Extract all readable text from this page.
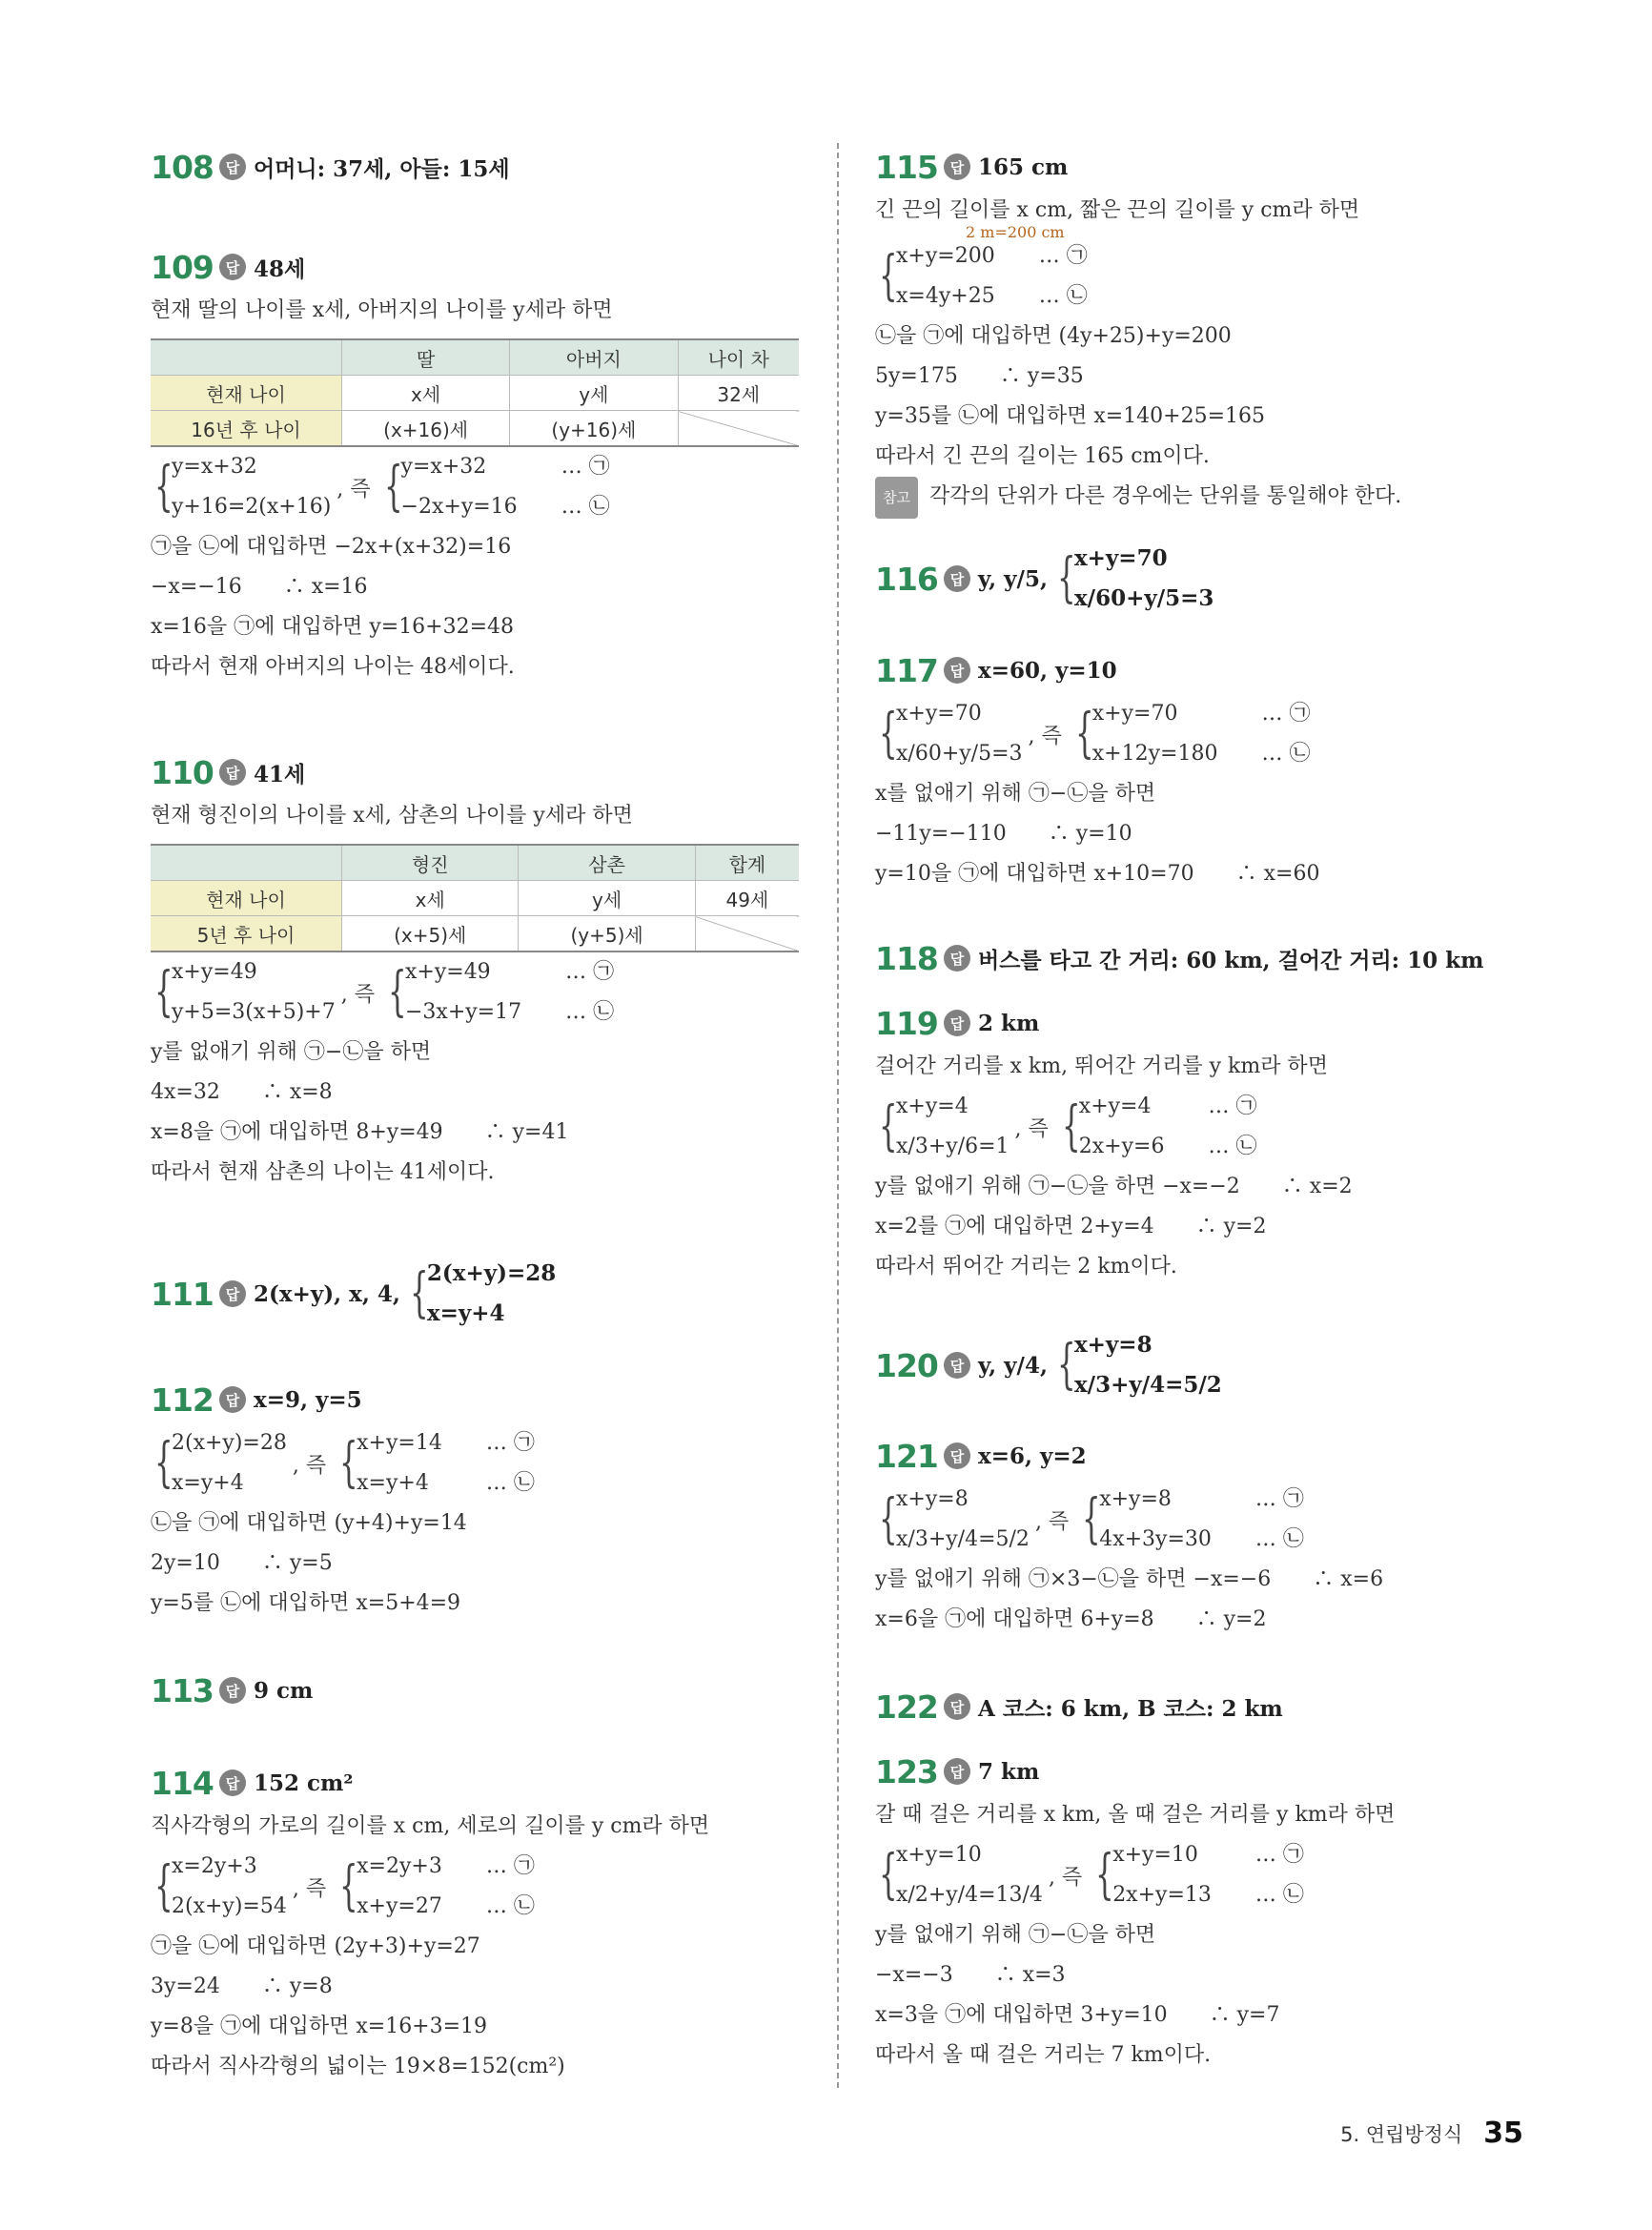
108 답 어머니: 37세, 아들: 15세
109 답 48세
현재 딸의 나이를 x세, 아버지의 나이를 y세라 하면
	딸	아버지	나이 차
현재 나이	x세	y세	32세
16년 후 나이	(x+16)세	(y+16)세	
{
y=x+32
y+16=2(x+16)
, 즉 {
y=x+32
−2x+y=16
… ㉠
… ㉡
㉠을 ㉡에 대입하면 −2x+(x+32)=16
−x=−16　　∴ x=16
x=16을 ㉠에 대입하면 y=16+32=48
따라서 현재 아버지의 나이는 48세이다.
110 답 41세
현재 형진이의 나이를 x세, 삼촌의 나이를 y세라 하면
	형진	삼촌	합계
현재 나이	x세	y세	49세
5년 후 나이	(x+5)세	(y+5)세	
{
x+y=49
y+5=3(x+5)+7
, 즉 {
x+y=49
−3x+y=17
… ㉠
… ㉡
y를 없애기 위해 ㉠−㉡을 하면
4x=32　　∴ x=8
x=8을 ㉠에 대입하면 8+y=49　　∴ y=41
따라서 현재 삼촌의 나이는 41세이다.
111 답 2(x+y), x, 4, {
2(x+y)=28
x=y+4
112 답 x=9, y=5
{
2(x+y)=28
x=y+4
, 즉 {
x+y=14
x=y+4
… ㉠
… ㉡
㉡을 ㉠에 대입하면 (y+4)+y=14
2y=10　　∴ y=5
y=5를 ㉡에 대입하면 x=5+4=9
113 답 9 cm
114 답 152 cm²
직사각형의 가로의 길이를 x cm, 세로의 길이를 y cm라 하면
{
x=2y+3
2(x+y)=54
, 즉 {
x=2y+3
x+y=27
… ㉠
… ㉡
㉠을 ㉡에 대입하면 (2y+3)+y=27
3y=24　　∴ y=8
y=8을 ㉠에 대입하면 x=16+3=19
따라서 직사각형의 넓이는 19×8=152(cm²)
115 답 165 cm
긴 끈의 길이를 x cm, 짧은 끈의 길이를 y cm라 하면
2 m=200 cm
{
x+y=200
x=4y+25
… ㉠
… ㉡
㉡을 ㉠에 대입하면 (4y+25)+y=200
5y=175　　∴ y=35
y=35를 ㉡에 대입하면 x=140+25=165
따라서 긴 끈의 길이는 165 cm이다.
참고 각각의 단위가 다른 경우에는 단위를 통일해야 한다.
116 답 y, y/5, {
x+y=70
x/60+y/5=3
117 답 x=60, y=10
{
x+y=70
x/60+y/5=3
, 즉 {
x+y=70
x+12y=180
… ㉠
… ㉡
x를 없애기 위해 ㉠−㉡을 하면
−11y=−110　　∴ y=10
y=10을 ㉠에 대입하면 x+10=70　　∴ x=60
118 답 버스를 타고 간 거리: 60 km, 걸어간 거리: 10 km
119 답 2 km
걸어간 거리를 x km, 뛰어간 거리를 y km라 하면
{
x+y=4
x/3+y/6=1
, 즉 {
x+y=4
2x+y=6
… ㉠
… ㉡
y를 없애기 위해 ㉠−㉡을 하면 −x=−2　　∴ x=2
x=2를 ㉠에 대입하면 2+y=4　　∴ y=2
따라서 뛰어간 거리는 2 km이다.
120 답 y, y/4, {
x+y=8
x/3+y/4=5/2
121 답 x=6, y=2
{
x+y=8
x/3+y/4=5/2
, 즉 {
x+y=8
4x+3y=30
… ㉠
… ㉡
y를 없애기 위해 ㉠×3−㉡을 하면 −x=−6　　∴ x=6
x=6을 ㉠에 대입하면 6+y=8　　∴ y=2
122 답 A 코스: 6 km, B 코스: 2 km
123 답 7 km
갈 때 걸은 거리를 x km, 올 때 걸은 거리를 y km라 하면
{
x+y=10
x/2+y/4=13/4
, 즉 {
x+y=10
2x+y=13
… ㉠
… ㉡
y를 없애기 위해 ㉠−㉡을 하면
−x=−3　　∴ x=3
x=3을 ㉠에 대입하면 3+y=10　　∴ y=7
따라서 올 때 걸은 거리는 7 km이다.
5. 연립방정식 35
